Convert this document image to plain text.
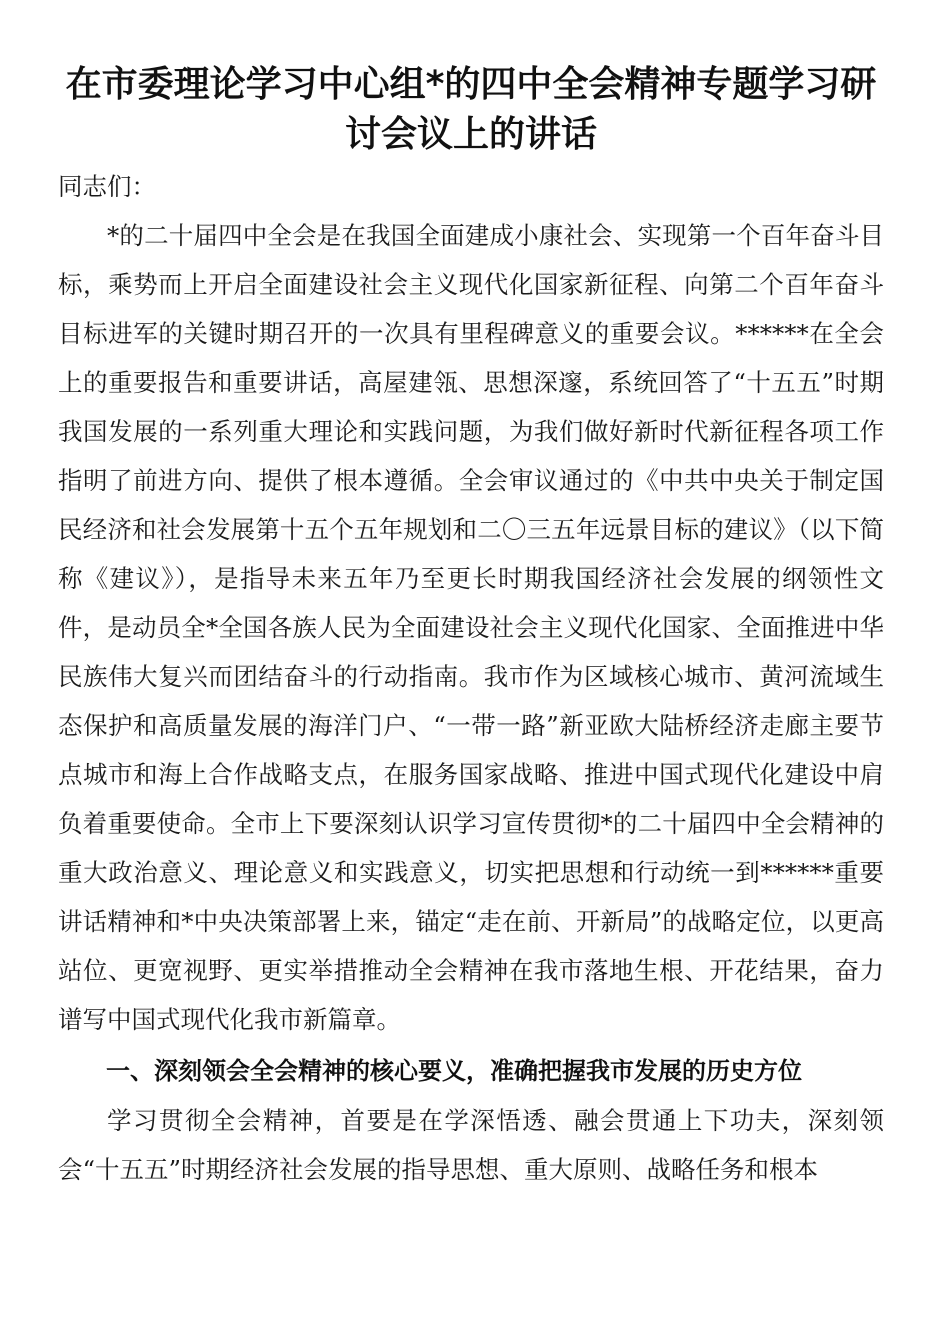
在市委理论学习中心组*的四中全会精神专题学习研讨会议上的讲话

同志们：

*的二十届四中全会是在我国全面建成小康社会、实现第一个百年奋斗目标，乘势而上开启全面建设社会主义现代化国家新征程、向第二个百年奋斗目标进军的关键时期召开的一次具有里程碑意义的重要会议。******在全会上的重要报告和重要讲话，高屋建瓴、思想深邃，系统回答了“十五五”时期我国发展的一系列重大理论和实践问题，为我们做好新时代新征程各项工作指明了前进方向、提供了根本遵循。全会审议通过的《中共中央关于制定国民经济和社会发展第十五个五年规划和二〇三五年远景目标的建议》（以下简称《建议》），是指导未来五年乃至更长时期我国经济社会发展的纲领性文件，是动员全*全国各族人民为全面建设社会主义现代化国家、全面推进中华民族伟大复兴而团结奋斗的行动指南。我市作为区域核心城市、黄河流域生态保护和高质量发展的海洋门户、“一带一路”新亚欧大陆桥经济走廊主要节点城市和海上合作战略支点，在服务国家战略、推进中国式现代化建设中肩负着重要使命。全市上下要深刻认识学习宣传贯彻*的二十届四中全会精神的重大政治意义、理论意义和实践意义，切实把思想和行动统一到******重要讲话精神和*中央决策部署上来，锚定“走在前、开新局”的战略定位，以更高站位、更宽视野、更实举措推动全会精神在我市落地生根、开花结果，奋力谱写中国式现代化我市新篇章。

一、深刻领会全会精神的核心要义，准确把握我市发展的历史方位

学习贯彻全会精神，首要是在学深悟透、融会贯通上下功夫，深刻领会“十五五”时期经济社会发展的指导思想、重大原则、战略任务和根本
